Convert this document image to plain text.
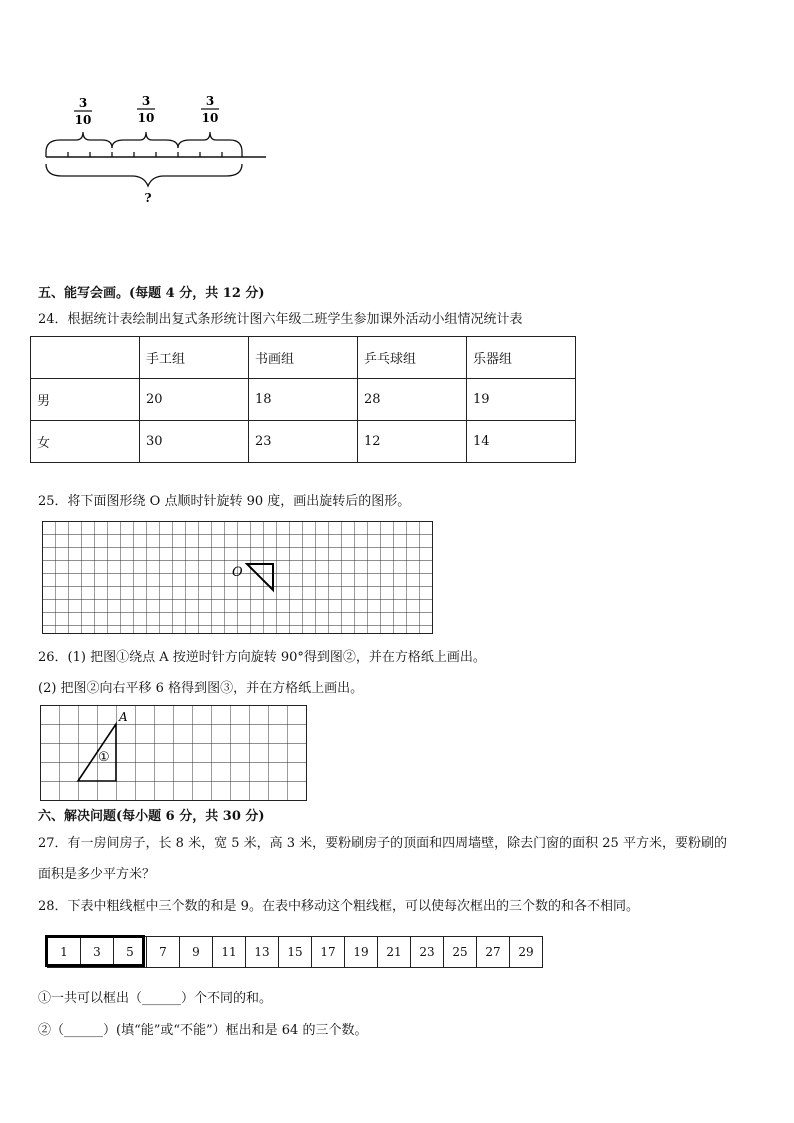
3
10
3
10
3
10
?
五、能写会画。(每题 4 分，共 12 分)
24．根据统计表绘制出复式条形统计图六年级二班学生参加课外活动小组情况统计表
	手工组	书画组	乒乓球组	乐器组
男	20	18	28	19
女	30	23	12	14
25．将下面图形绕 O 点顺时针旋转 90 度，画出旋转后的图形。
O
26．(1) 把图①绕点 A 按逆时针方向旋转 90°得到图②，并在方格纸上画出。
(2) 把图②向右平移 6 格得到图③，并在方格纸上画出。
A
①
六、解决问题(每小题 6 分，共 30 分)
27．有一房间房子，长 8 米，宽 5 米，高 3 米，要粉刷房子的顶面和四周墙壁，除去门窗的面积 25 平方米，要粉刷的
面积是多少平方米？
28．下表中粗线框中三个数的和是 9。在表中移动这个粗线框，可以使每次框出的三个数的和各不相同。
1	3	5	7	9	11	13	15	17	19	21	23	25	27	29
①一共可以框出（______）个不同的和。
②（______）(填“能”或“不能”）框出和是 64 的三个数。
